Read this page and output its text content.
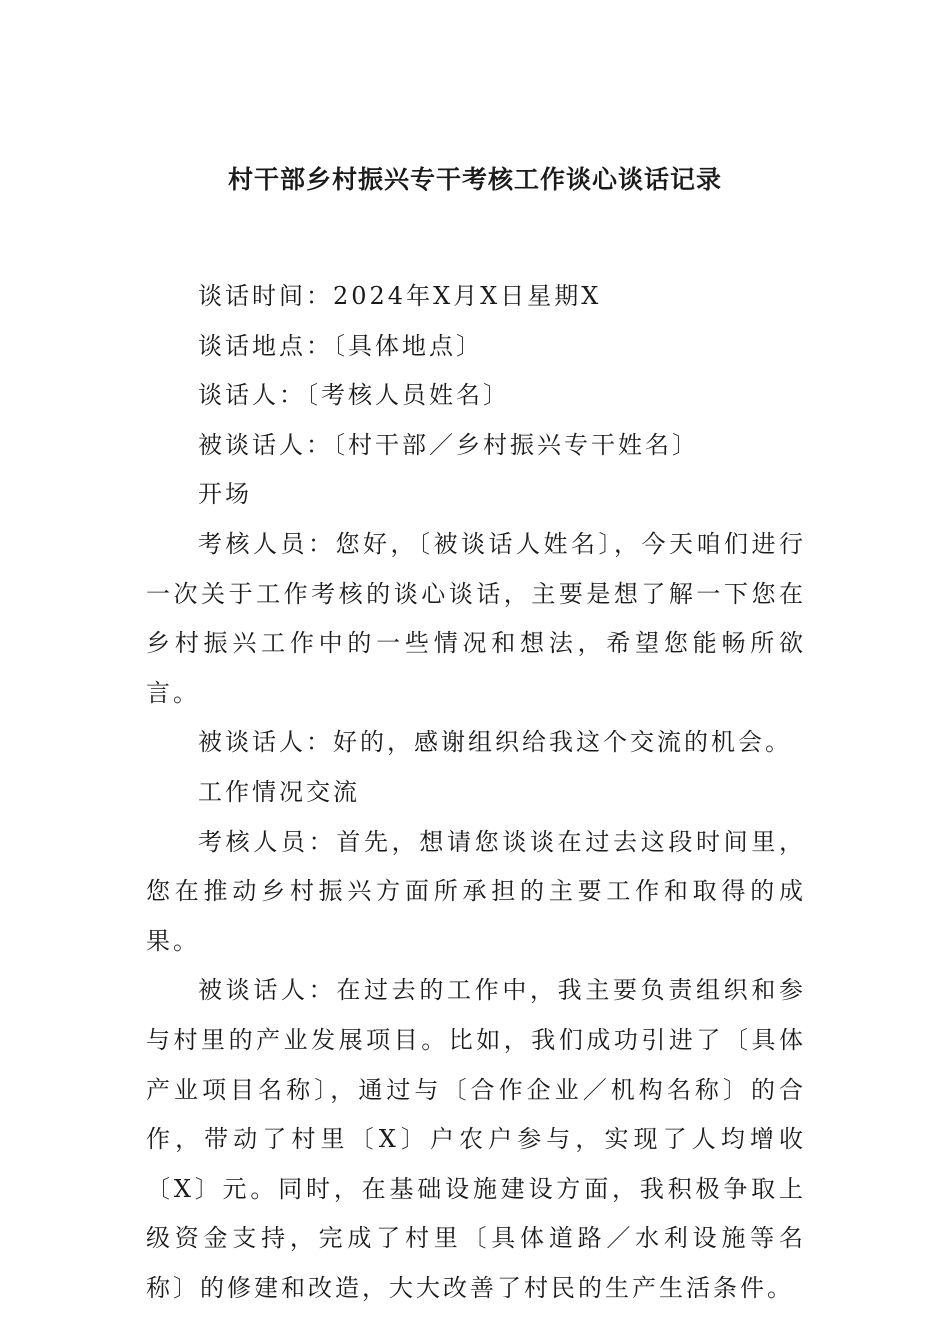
村干部乡村振兴专干考核工作谈心谈话记录

谈话时间：2024年X月X日星期X

谈话地点：〔具体地点〕

谈话人：〔考核人员姓名〕

被谈话人：〔村干部／乡村振兴专干姓名〕

开场

考核人员：您好，〔被谈话人姓名〕，今天咱们进行一次关于工作考核的谈心谈话，主要是想了解一下您在乡村振兴工作中的一些情况和想法，希望您能畅所欲言。

被谈话人：好的，感谢组织给我这个交流的机会。

工作情况交流

考核人员：首先，想请您谈谈在过去这段时间里，您在推动乡村振兴方面所承担的主要工作和取得的成果。

被谈话人：在过去的工作中，我主要负责组织和参与村里的产业发展项目。比如，我们成功引进了〔具体产业项目名称〕，通过与〔合作企业／机构名称〕的合作，带动了村里〔X〕户农户参与，实现了人均增收〔X〕元。同时，在基础设施建设方面，我积极争取上级资金支持，完成了村里〔具体道路／水利设施等名称〕的修建和改造，大大改善了村民的生产生活条件。
